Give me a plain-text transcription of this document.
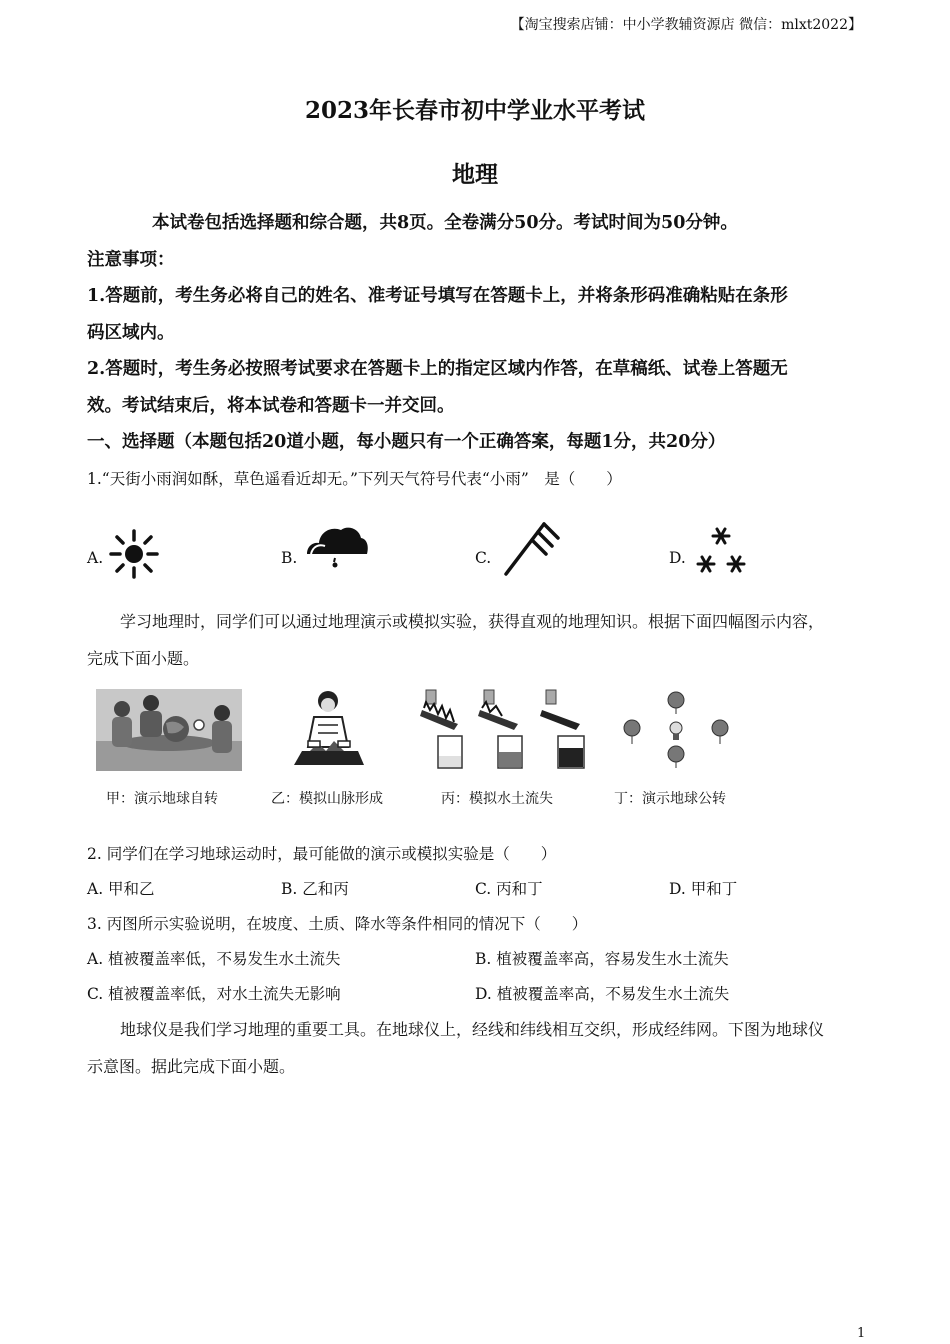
【淘宝搜索店铺：中小学教辅资源店 微信：mlxt2022】
2023年长春市初中学业水平考试
地理
本试卷包括选择题和综合题，共8页。全卷满分50分。考试时间为50分钟。
注意事项：
1.答题前，考生务必将自己的姓名、准考证号填写在答题卡上，并将条形码准确粘贴在条形
码区域内。
2.答题时，考生务必按照考试要求在答题卡上的指定区域内作答，在草稿纸、试卷上答题无
效。考试结束后，将本试卷和答题卡一并交回。
一、选择题（本题包括20道小题，每小题只有一个正确答案，每题1分，共20分）
1.“天街小雨润如酥，草色遥看近却无。”下列天气符号代表“小雨”　是（　　）
A.	B.	C.	D.
学习地理时，同学们可以通过地理演示或模拟实验，获得直观的地理知识。根据下面四幅图示内容，
完成下面小题。
甲：演示地球自转	乙：模拟山脉形成	丙：模拟水土流失	丁：演示地球公转
2. 同学们在学习地球运动时，最可能做的演示或模拟实验是（　　）
A. 甲和乙	B. 乙和丙	C. 丙和丁	D. 甲和丁
3. 丙图所示实验说明，在坡度、土质、降水等条件相同的情况下（　　）
A. 植被覆盖率低，不易发生水土流失	B. 植被覆盖率高，容易发生水土流失
C. 植被覆盖率低，对水土流失无影响	D. 植被覆盖率高，不易发生水土流失
地球仪是我们学习地理的重要工具。在地球仪上，经线和纬线相互交织，形成经纬网。下图为地球仪
示意图。据此完成下面小题。
1
